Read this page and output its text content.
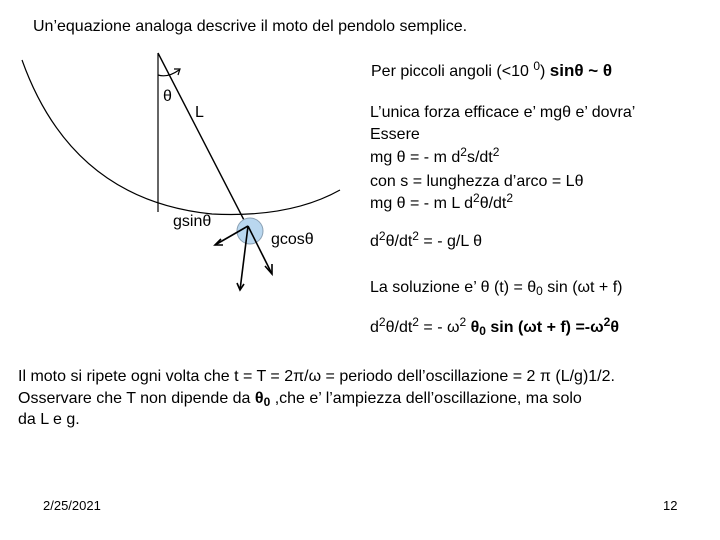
Un’equazione analoga descrive il moto del pendolo semplice.
θ
L
gsinθ
gcosθ
Per piccoli angoli (<10 $^0$) sinθ ~ θ
L’unica forza efficace e’ mgθ e’ dovra’
Essere
mg θ = - m $d^2s/dt^2$
con s = lunghezza d’arco = Lθ
mg θ = - m L $d^2\theta/dt^2$
$d^2\theta/dt^2$ = - g/L θ
La soluzione e’ θ $(t) = \theta_0$ sin (ωt + f)
$d^2\theta/dt^2$ = - $\omega^2$ $\theta_0$ $\sin (\omega t + f) =-\omega^2\theta$
Il moto si ripete ogni volta che t = T = 2π/ω = periodo dell’oscillazione = 2 π (L/g)1/2.
Osservare che T non dipende da $\theta_0$ ,che e’ l’ampiezza dell’oscillazione, ma solo
da L e g.
2/25/2021	12
